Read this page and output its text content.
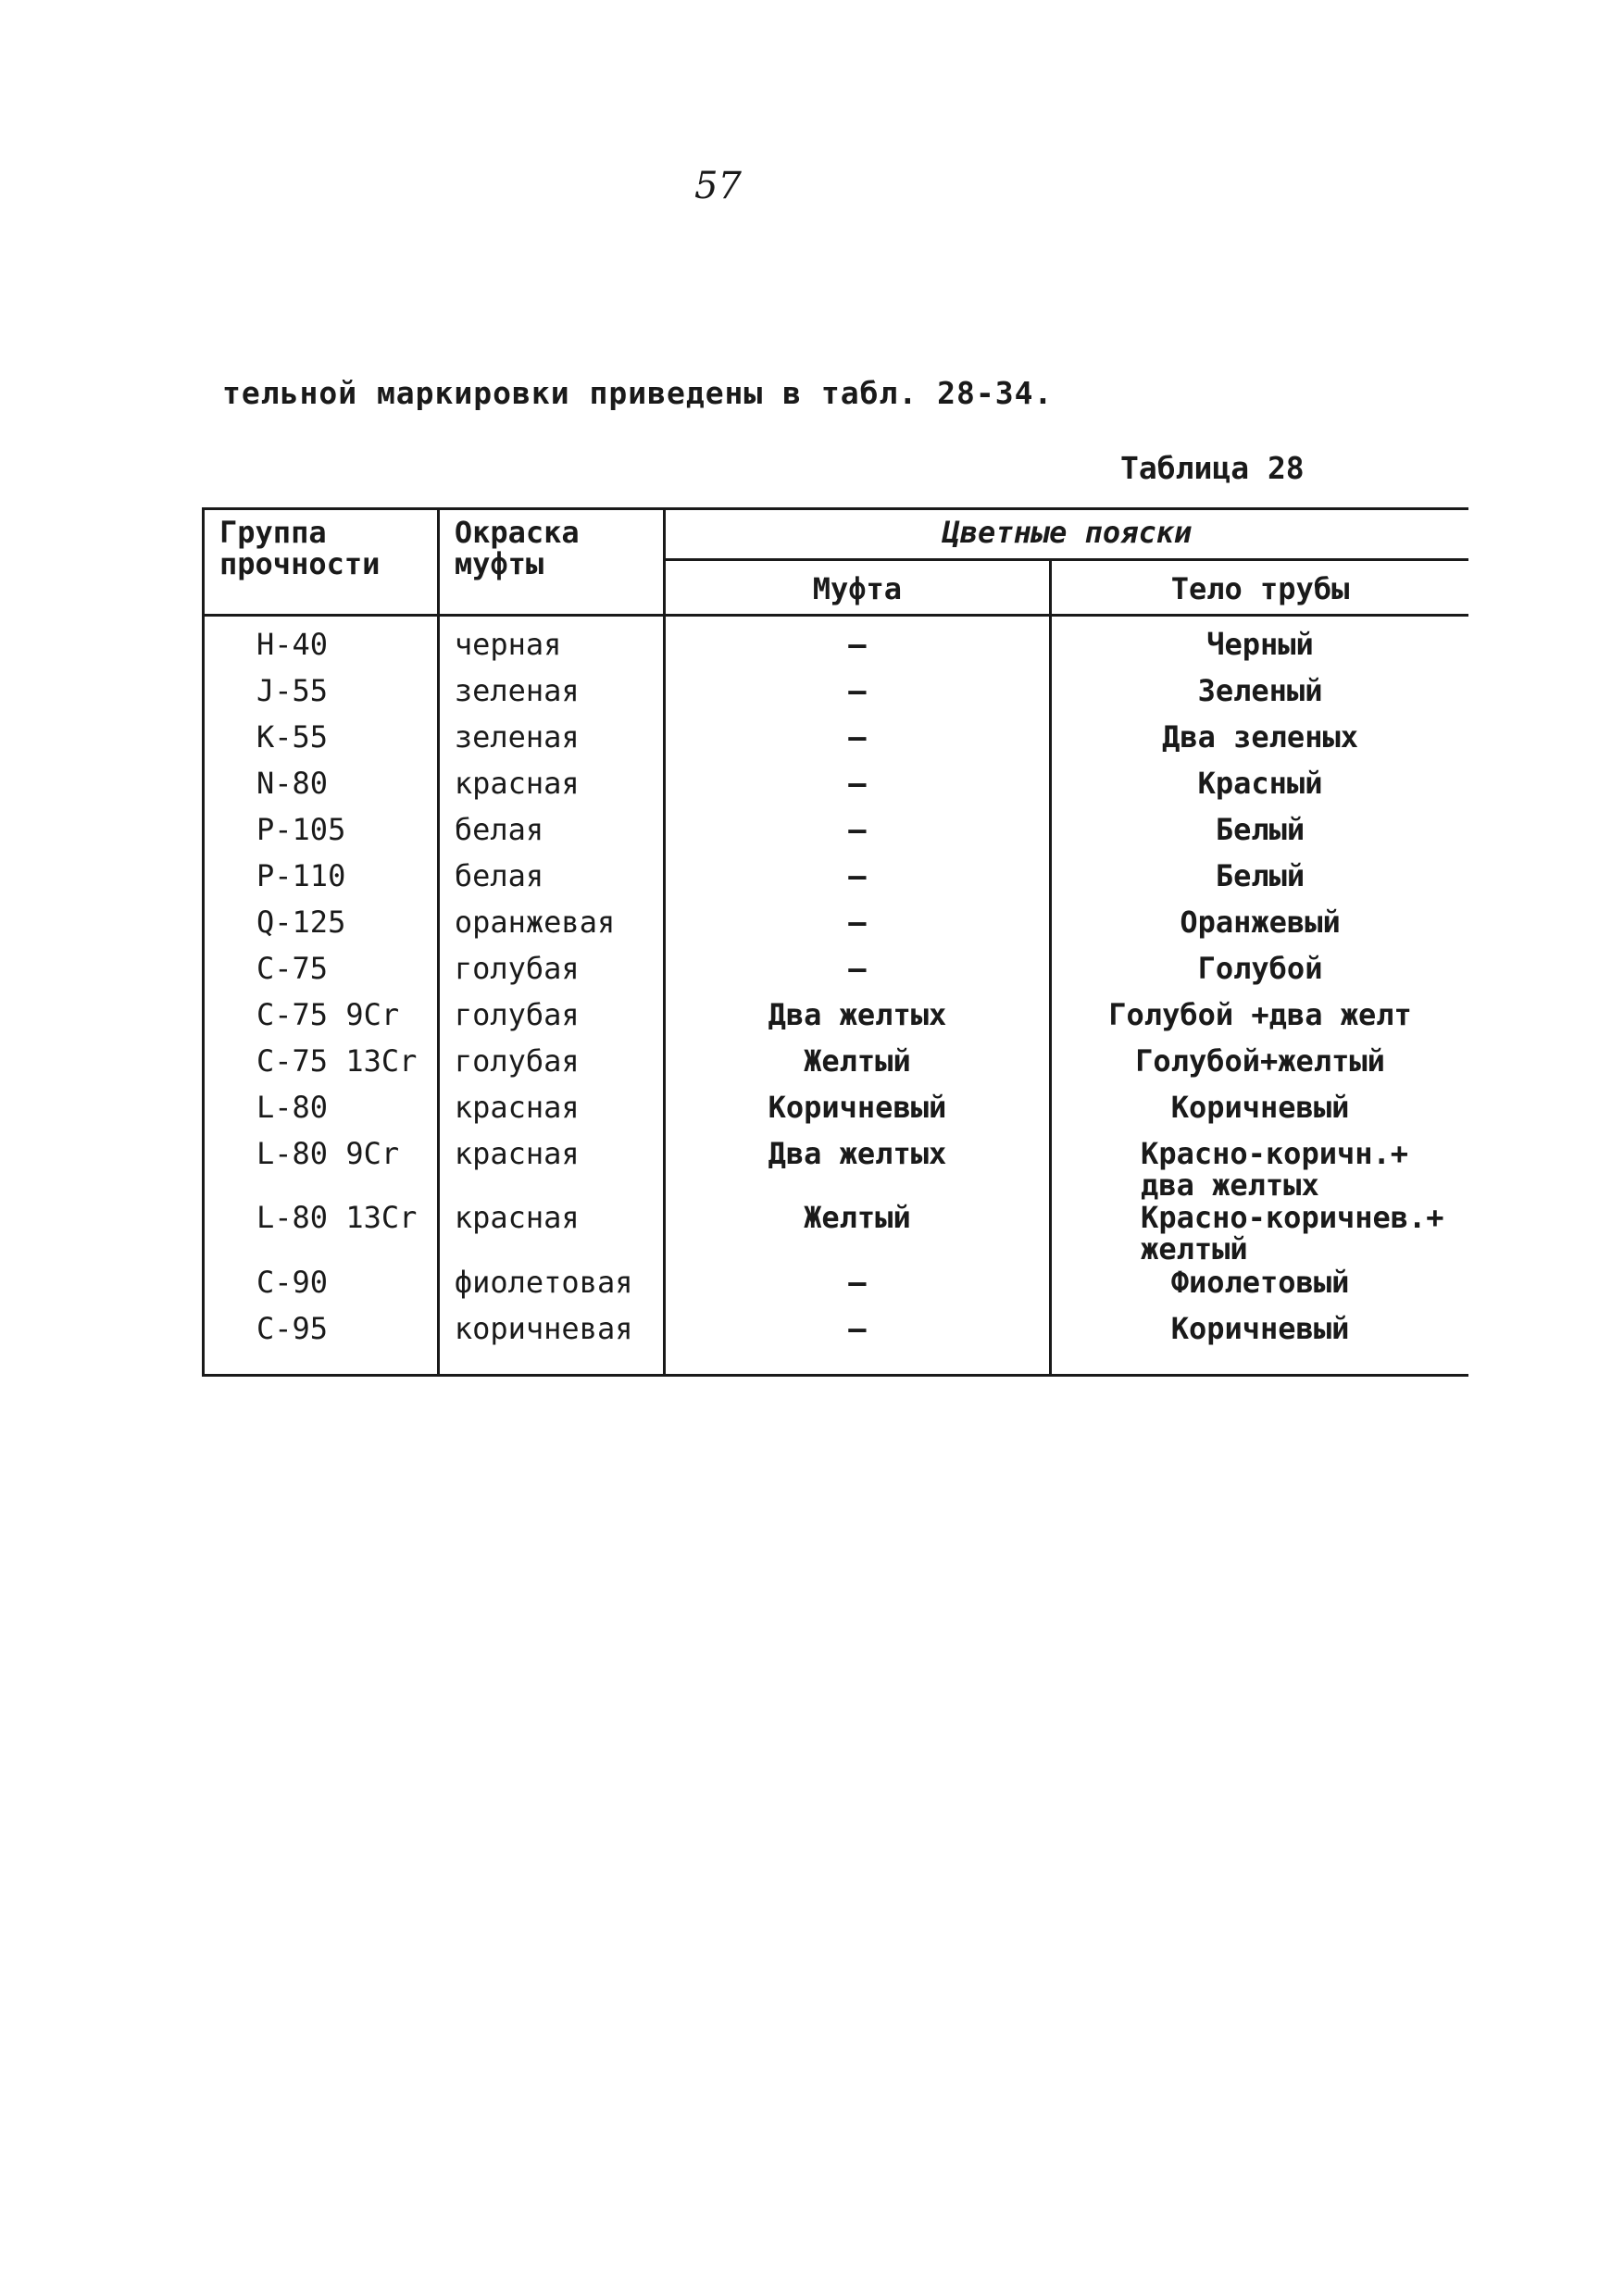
57
тельной маркировки приведены в табл. 28-34.
Таблица 28
Группа прочности	Окраска муфты	Цветные пояски	
		Муфта	Тело трубы
Н-40	черная	–	Черный
J-55	зеленая	–	Зеленый
К-55	зеленая	–	Два зеленых
N-80	красная	–	Красный
Р-105	белая	–	Белый
Р-110	белая	–	Белый
Q-125	оранжевая	–	Оранжевый
С-75	голубая	–	Голубой
С-75 9Cr	голубая	Два желтых	Голубой +два желт
С-75 13Cr	голубая	Желтый	Голубой+желтый
L-80	красная	Коричневый	Коричневый
L-80 9Cr	красная	Два желтых	Красно-коричн.+ два желтых
L-80 13Cr	красная	Желтый	Красно-коричнев.+ желтый
С-90	фиолетовая	–	Фиолетовый
С-95	коричневая	–	Коричневый
